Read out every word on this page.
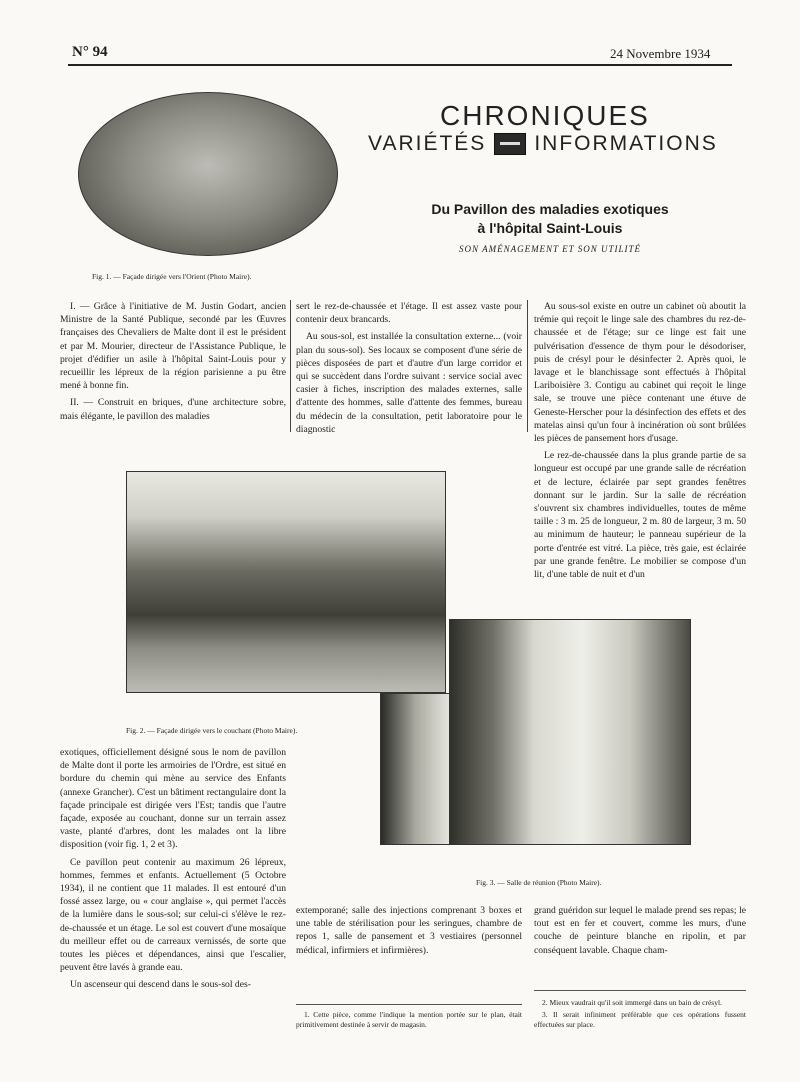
N° 94	24 Novembre 1934
Fig. 1. — Façade dirigée vers l'Orient (Photo Maire).
CHRONIQUES
VARIÉTÉS INFORMATIONS
Du Pavillon des maladies exotiques
à l'hôpital Saint-Louis
SON AMÉNAGEMENT ET SON UTILITÉ

I. — Grâce à l'initiative de M. Justin Godart, ancien Ministre de la Santé Publique, secondé par les Œuvres françaises des Chevaliers de Malte dont il est le président et par M. Mourier, directeur de l'Assistance Publique, le projet d'édifier un asile à l'hôpital Saint-Louis pour y recueillir les lépreux de la région parisienne a pu être mené à bonne fin.

II. — Construit en briques, d'une architecture sobre, mais élégante, le pavillon des maladies

sert le rez-de-chaussée et l'étage. Il est assez vaste pour contenir deux brancards.

Au sous-sol, est installée la consultation externe... (voir plan du sous-sol). Ses locaux se composent d'une série de pièces disposées de part et d'autre d'un large corridor et qui se succèdent dans l'ordre suivant : service social avec casier à fiches, inscription des malades externes, salle d'attente des hommes, salle d'attente des femmes, bureau du médecin de la consultation, petit laboratoire pour le diagnostic

Au sous-sol existe en outre un cabinet où aboutit la trémie qui reçoit le linge sale des chambres du rez-de-chaussée et de l'étage; sur ce linge est fait une pulvérisation d'essence de thym pour le désodoriser, puis de crésyl pour le désinfecter 2. Après quoi, le lavage et le blanchissage sont effectués à l'hôpital Lariboisière 3. Contigu au cabinet qui reçoit le linge sale, se trouve une pièce contenant une étuve de Geneste-Herscher pour la désinfection des effets et des matelas ainsi qu'un four à incinération où sont brûlées les pièces de pansement hors d'usage.

Le rez-de-chaussée dans la plus grande partie de sa longueur est occupé par une grande salle de récréation et de lecture, éclairée par sept grandes fenêtres donnant sur le jardin. Sur la salle de récréation s'ouvrent six chambres individuelles, toutes de même taille : 3 m. 25 de longueur, 2 m. 80 de largeur, 3 m. 50 au minimum de hauteur; le panneau supérieur de la porte d'entrée est vitré. La pièce, très gaie, est éclairée par une grande fenêtre. Le mobilier se compose d'un lit, d'une table de nuit et d'un

Fig. 2. — Façade dirigée vers le couchant (Photo Maire).
Fig. 3. — Salle de réunion (Photo Maire).

exotiques, officiellement désigné sous le nom de pavillon de Malte dont il porte les armoiries de l'Ordre, est situé en bordure du chemin qui mène au service des Enfants (annexe Grancher). C'est un bâtiment rectangulaire dont la façade principale est dirigée vers l'Est; tandis que l'autre façade, exposée au couchant, donne sur un terrain assez vaste, planté d'arbres, dont les malades ont la libre disposition (voir fig. 1, 2 et 3).

Ce pavillon peut contenir au maximum 26 lépreux, hommes, femmes et enfants. Actuellement (5 Octobre 1934), il ne contient que 11 malades. Il est entouré d'un fossé assez large, ou « cour anglaise », qui permet l'accès de la lumière dans le sous-sol; sur celui-ci s'élève le rez-de-chaussée et un étage. Le sol est couvert d'une mosaïque du meilleur effet ou de carreaux vernissés, de sorte que toutes les pièces et dépendances, ainsi que l'escalier, peuvent être lavés à grande eau.

Un ascenseur qui descend dans le sous-sol des-

extemporané; salle des injections comprenant 3 boxes et une table de stérilisation pour les seringues, chambre de repos 1, salle de pansement et 3 vestiaires (personnel médical, infirmiers et infirmières).

grand guéridon sur lequel le malade prend ses repas; le tout est en fer et couvert, comme les murs, d'une couche de peinture blanche en ripolin, et par conséquent lavable. Chaque cham-

1. Cette pièce, comme l'indique la mention portée sur le plan, était primitivement destinée à servir de magasin.

2. Mieux vaudrait qu'il soit immergé dans un bain de crésyl.

3. Il serait infiniment préférable que ces opérations fussent effectuées sur place.
